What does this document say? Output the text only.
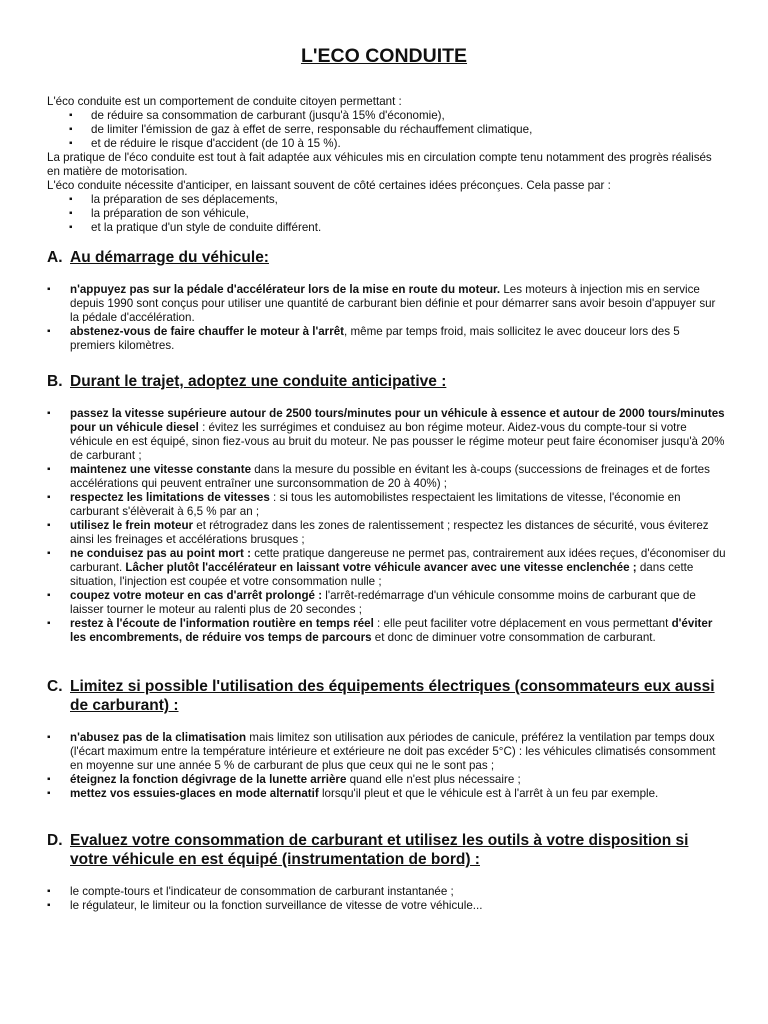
L'ECO CONDUITE

L'éco conduite est un comportement de conduite citoyen permettant :

▪ de réduire sa consommation de carburant (jusqu'à 15% d'économie),
▪ de limiter l'émission de gaz à effet de serre, responsable du réchauffement climatique,
▪ et de réduire le risque d'accident (de 10 à 15 %).

La pratique de l'éco conduite est tout à fait adaptée aux véhicules mis en circulation compte tenu notamment des progrès réalisés en matière de motorisation.

L'éco conduite nécessite d'anticiper, en laissant souvent de côté certaines idées préconçues. Cela passe par :

▪ la préparation de ses déplacements,
▪ la préparation de son véhicule,
▪ et la pratique d'un style de conduite différent.
A. Au démarrage du véhicule:
▪ n'appuyez pas sur la pédale d'accélérateur lors de la mise en route du moteur. Les moteurs à injection mis en service depuis 1990 sont conçus pour utiliser une quantité de carburant bien définie et pour démarrer sans avoir besoin d'appuyer sur la pédale d'accélération.
▪ abstenez-vous de faire chauffer le moteur à l'arrêt, même par temps froid, mais sollicitez le avec douceur lors des 5 premiers kilomètres.
B. Durant le trajet, adoptez une conduite anticipative :
▪ passez la vitesse supérieure autour de 2500 tours/minutes pour un véhicule à essence et autour de 2000 tours/minutes pour un véhicule diesel : évitez les surrégimes et conduisez au bon régime moteur. Aidez-vous du compte-tour si votre véhicule en est équipé, sinon fiez-vous au bruit du moteur. Ne pas pousser le régime moteur peut faire économiser jusqu'à 20% de carburant ;
▪ maintenez une vitesse constante dans la mesure du possible en évitant les à-coups (successions de freinages et de fortes accélérations qui peuvent entraîner une surconsommation de 20 à 40%) ;
▪ respectez les limitations de vitesses : si tous les automobilistes respectaient les limitations de vitesse, l'économie en carburant s'élèverait à 6,5 % par an ;
▪ utilisez le frein moteur et rétrogradez dans les zones de ralentissement ; respectez les distances de sécurité, vous éviterez ainsi les freinages et accélérations brusques ;
▪ ne conduisez pas au point mort : cette pratique dangereuse ne permet pas, contrairement aux idées reçues, d'économiser du carburant. Lâcher plutôt l'accélérateur en laissant votre véhicule avancer avec une vitesse enclenchée ; dans cette situation, l'injection est coupée et votre consommation nulle ;
▪ coupez votre moteur en cas d'arrêt prolongé : l'arrêt-redémarrage d'un véhicule consomme moins de carburant que de laisser tourner le moteur au ralenti plus de 20 secondes ;
▪ restez à l'écoute de l'information routière en temps réel : elle peut faciliter votre déplacement en vous permettant d'éviter les encombrements, de réduire vos temps de parcours et donc de diminuer votre consommation de carburant.
C. Limitez si possible l'utilisation des équipements électriques (consommateurs eux aussi de carburant) :
▪ n'abusez pas de la climatisation mais limitez son utilisation aux périodes de canicule, préférez la ventilation par temps doux (l'écart maximum entre la température intérieure et extérieure ne doit pas excéder 5°C) : les véhicules climatisés consomment en moyenne sur une année 5 % de carburant de plus que ceux qui ne le sont pas ;
▪ éteignez la fonction dégivrage de la lunette arrière quand elle n'est plus nécessaire ;
▪ mettez vos essuies-glaces en mode alternatif lorsqu'il pleut et que le véhicule est à l'arrêt à un feu par exemple.
D. Evaluez votre consommation de carburant et utilisez les outils à votre disposition si votre véhicule en est équipé (instrumentation de bord) :
▪ le compte-tours et l'indicateur de consommation de carburant instantanée ;
▪ le régulateur, le limiteur ou la fonction surveillance de vitesse de votre véhicule...
